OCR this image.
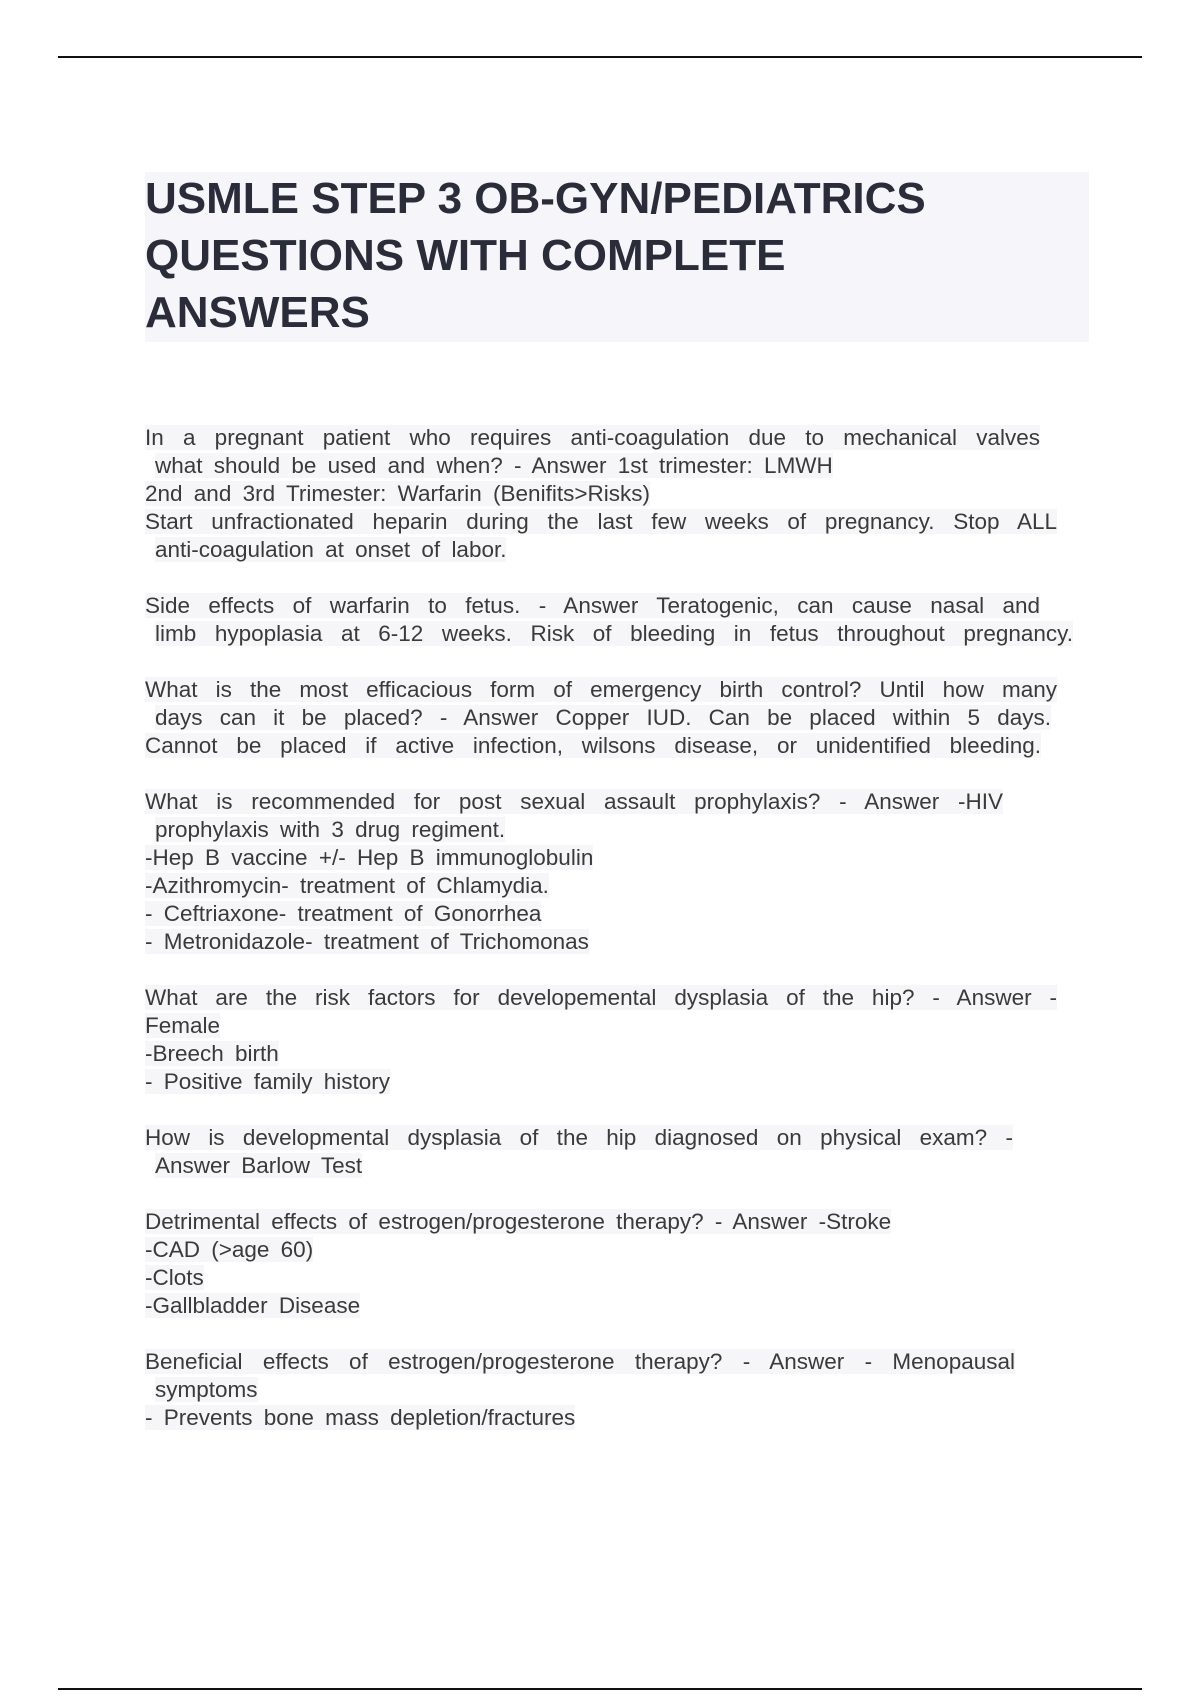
USMLE STEP 3 OB-GYN/PEDIATRICS
QUESTIONS WITH COMPLETE
ANSWERS
In a pregnant patient who requires anti-coagulation due to mechanical valves
what should be used and when? - Answer 1st trimester: LMWH
2nd and 3rd Trimester: Warfarin (Benifits>Risks)
Start unfractionated heparin during the last few weeks of pregnancy. Stop ALL
anti-coagulation at onset of labor.
Side effects of warfarin to fetus. - Answer Teratogenic, can cause nasal and
limb hypoplasia at 6-12 weeks. Risk of bleeding in fetus throughout pregnancy.
What is the most efficacious form of emergency birth control? Until how many
days can it be placed? - Answer Copper IUD. Can be placed within 5 days.
Cannot be placed if active infection, wilsons disease, or unidentified bleeding.
What is recommended for post sexual assault prophylaxis? - Answer -HIV
prophylaxis with 3 drug regiment.
-Hep B vaccine +/- Hep B immunoglobulin
-Azithromycin- treatment of Chlamydia.
- Ceftriaxone- treatment of Gonorrhea
- Metronidazole- treatment of Trichomonas
What are the risk factors for developemental dysplasia of the hip? - Answer -
Female
-Breech birth
- Positive family history
How is developmental dysplasia of the hip diagnosed on physical exam? -
Answer Barlow Test
Detrimental effects of estrogen/progesterone therapy? - Answer -Stroke
-CAD (>age 60)
-Clots
-Gallbladder Disease
Beneficial effects of estrogen/progesterone therapy? - Answer - Menopausal
symptoms
- Prevents bone mass depletion/fractures
